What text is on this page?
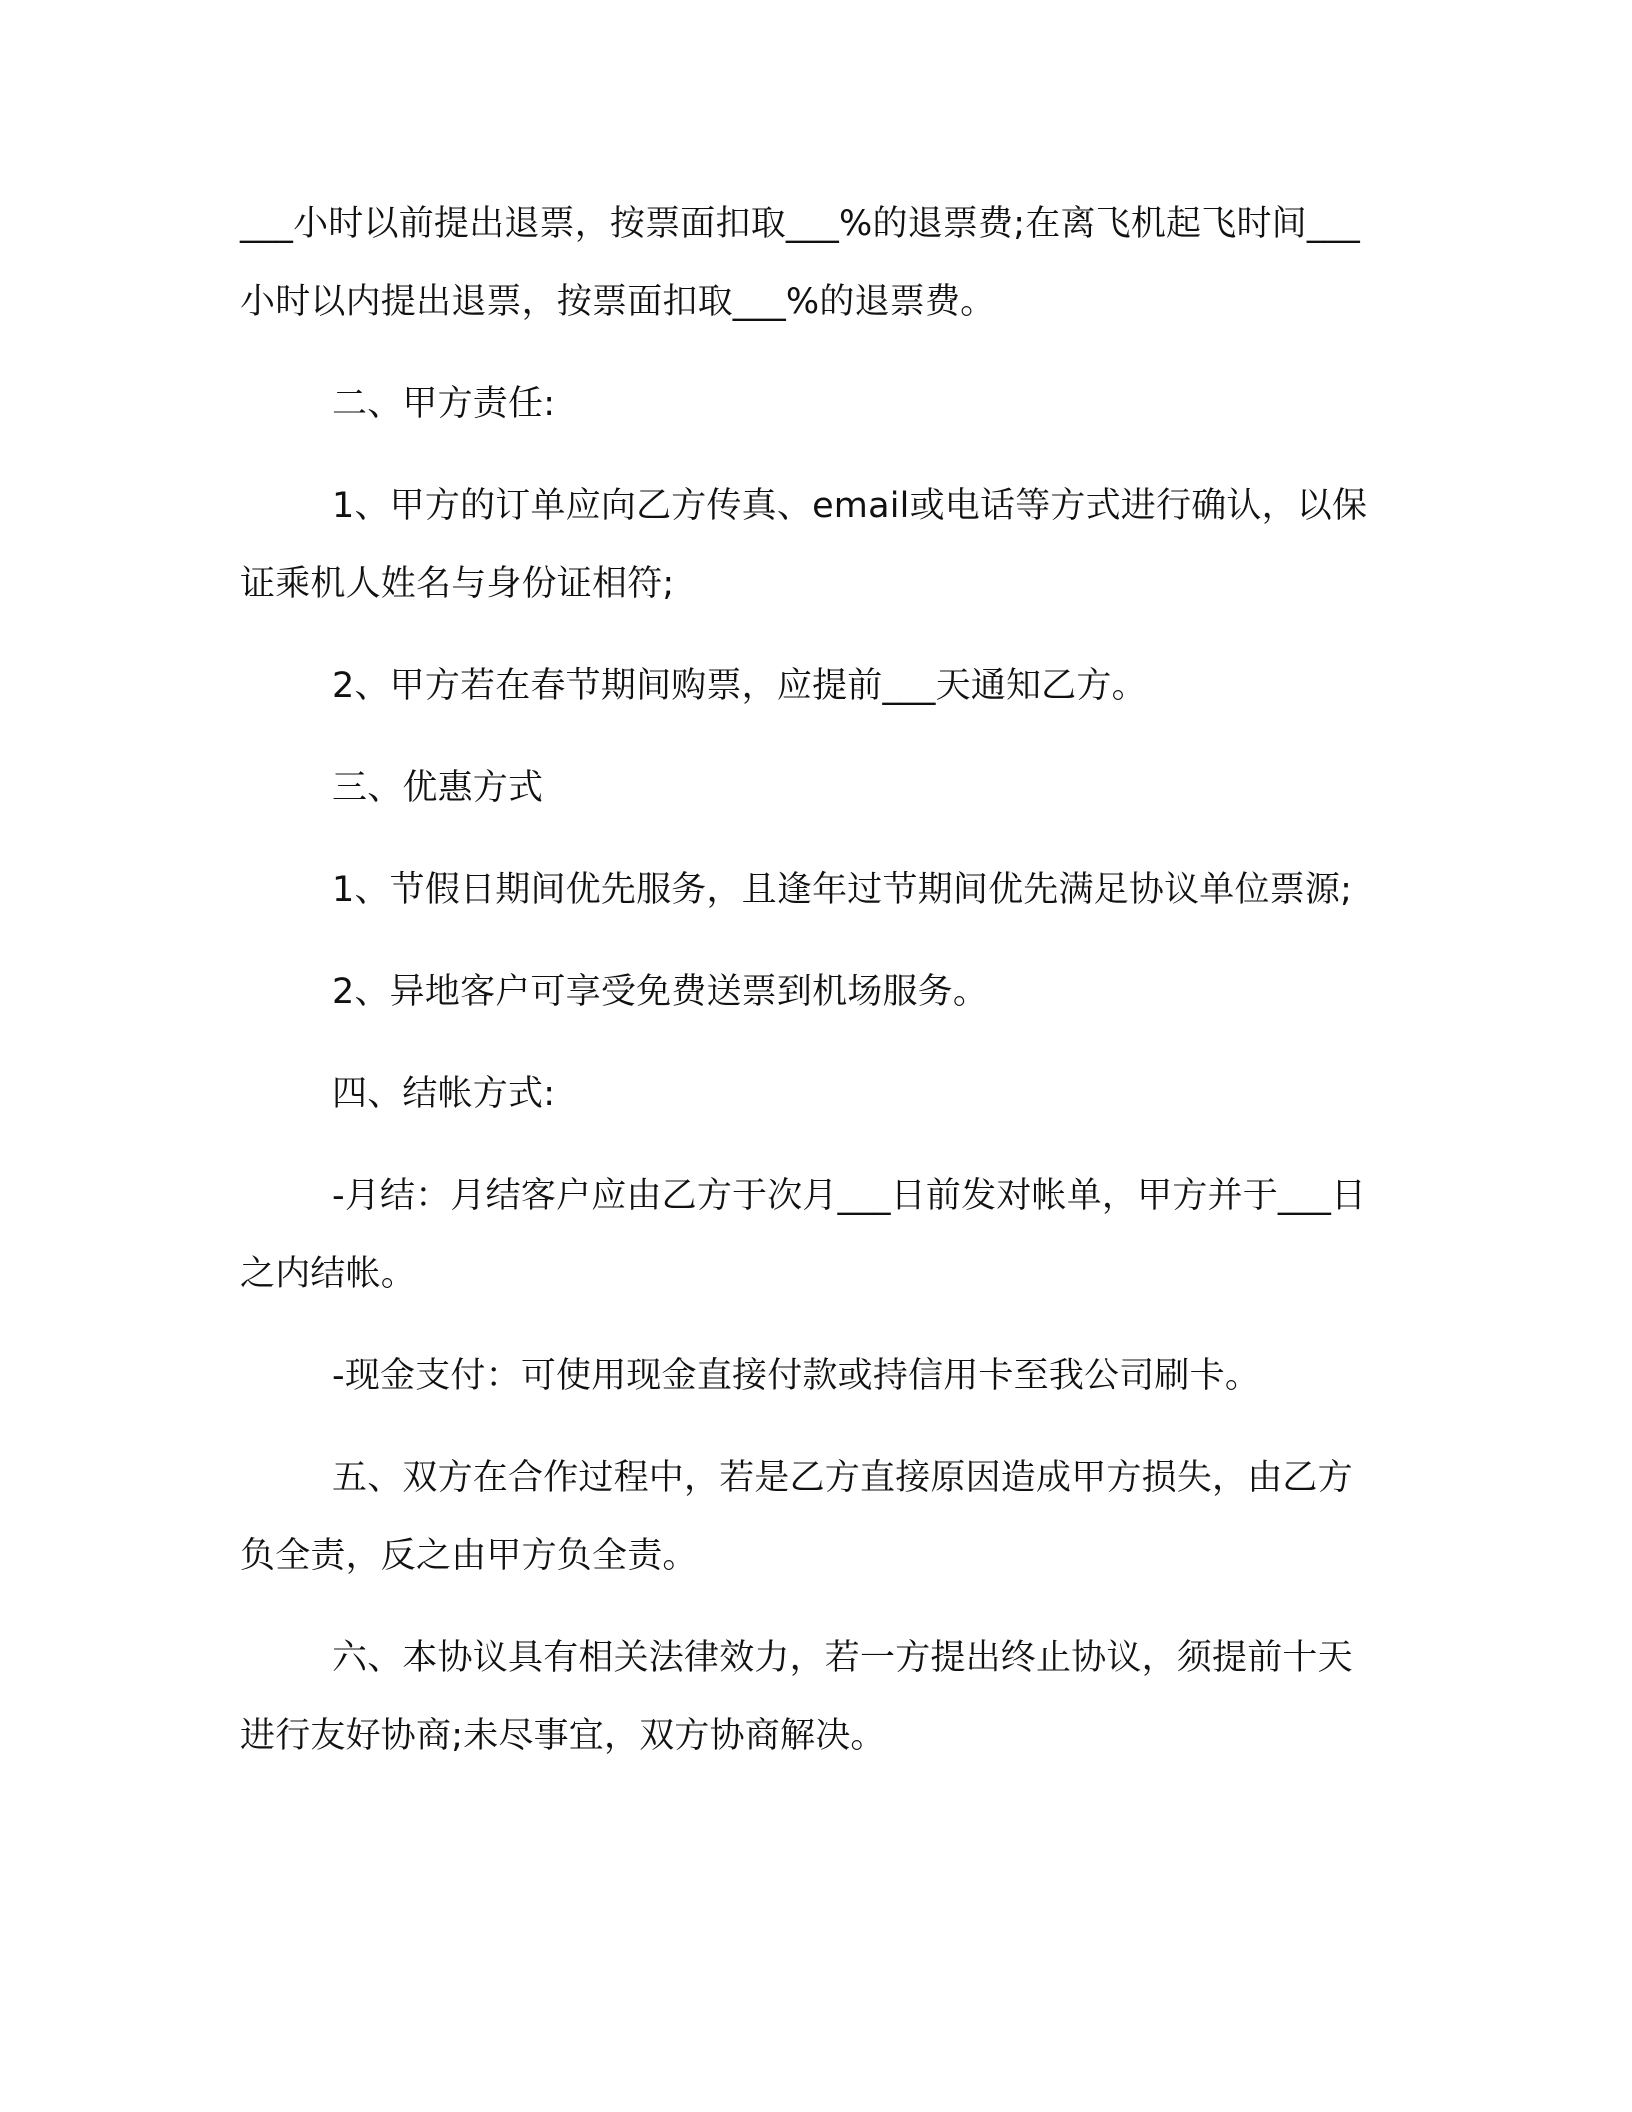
___小时以前提出退票，按票面扣取___%的退票费;在离飞机起飞时间___小时以内提出退票，按票面扣取___%的退票费。

二、甲方责任:

1、甲方的订单应向乙方传真、email或电话等方式进行确认，以保证乘机人姓名与身份证相符;

2、甲方若在春节期间购票，应提前___天通知乙方。

三、优惠方式

1、节假日期间优先服务，且逢年过节期间优先满足协议单位票源;

2、异地客户可享受免费送票到机场服务。

四、结帐方式:

-月结：月结客户应由乙方于次月___日前发对帐单，甲方并于___日之内结帐。

-现金支付：可使用现金直接付款或持信用卡至我公司刷卡。

五、双方在合作过程中，若是乙方直接原因造成甲方损失，由乙方负全责，反之由甲方负全责。

六、本协议具有相关法律效力，若一方提出终止协议，须提前十天进行友好协商;未尽事宜，双方协商解决。
